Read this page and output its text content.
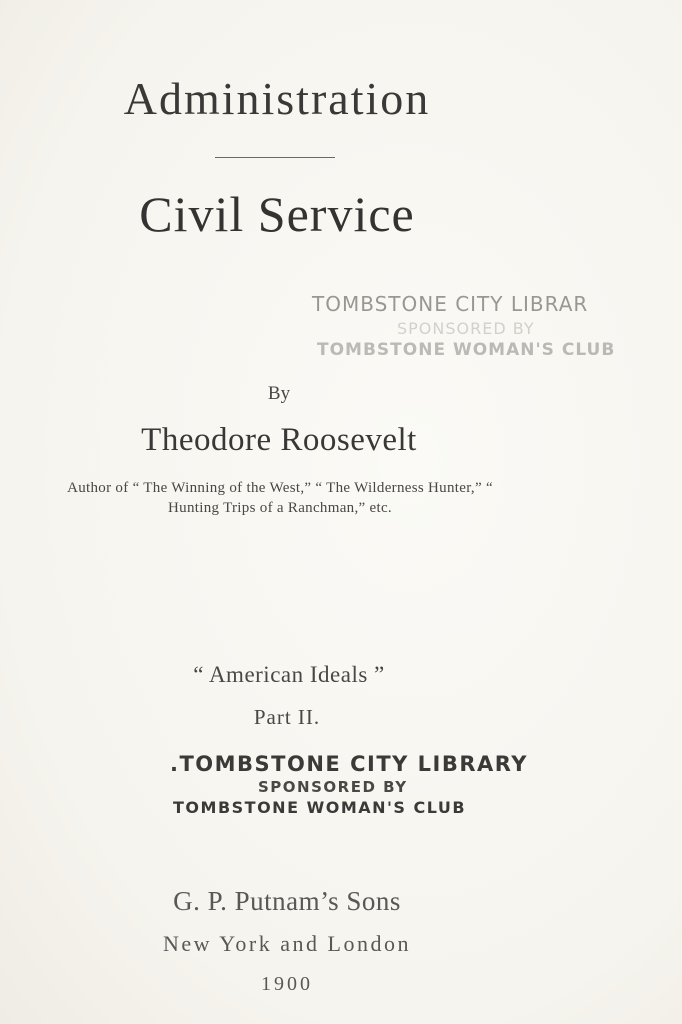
Administration
Civil Service
TOMBSTONE CITY LIBRAR
SPONSORED BY
TOMBSTONE WOMAN'S CLUB
By
Theodore Roosevelt
Author of “ The Winning of the West,” “ The Wilderness Hunter,” “ Hunting Trips of a Ranchman,” etc.
“ American Ideals ”
Part II.
.TOMBSTONE CITY LIBRARY
SPONSORED BY
TOMBSTONE WOMAN'S CLUB
G. P. Putnam’s Sons
New York and London
1900
